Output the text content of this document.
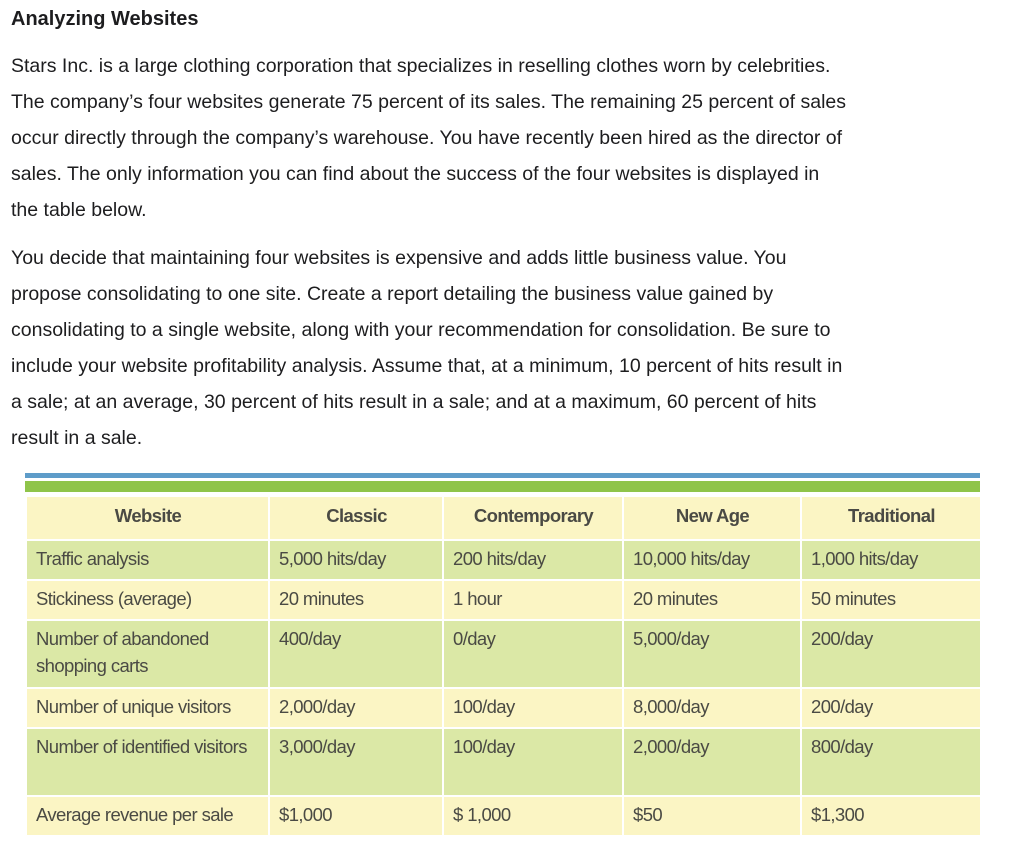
Analyzing Websites
Stars Inc. is a large clothing corporation that specializes in reselling clothes worn by celebrities.
The company’s four websites generate 75 percent of its sales. The remaining 25 percent of sales
occur directly through the company’s warehouse. You have recently been hired as the director of
sales. The only information you can find about the success of the four websites is displayed in
the table below.
You decide that maintaining four websites is expensive and adds little business value. You
propose consolidating to one site. Create a report detailing the business value gained by
consolidating to a single website, along with your recommendation for consolidation. Be sure to
include your website profitability analysis. Assume that, at a minimum, 10 percent of hits result in
a sale; at an average, 30 percent of hits result in a sale; and at a maximum, 60 percent of hits
result in a sale.
Website	Classic	Contemporary	New Age	Traditional
Traffic analysis	5,000 hits/day	200 hits/day	10,000 hits/day	1,000 hits/day
Stickiness (average)	20 minutes	1 hour	20 minutes	50 minutes
Number of abandoned shopping carts	400/day	0/day	5,000/day	200/day
Number of unique visitors	2,000/day	100/day	8,000/day	200/day
Number of identified visitors	3,000/day	100/day	2,000/day	800/day
Average revenue per sale	$1,000	$ 1,000	$50	$1,300
